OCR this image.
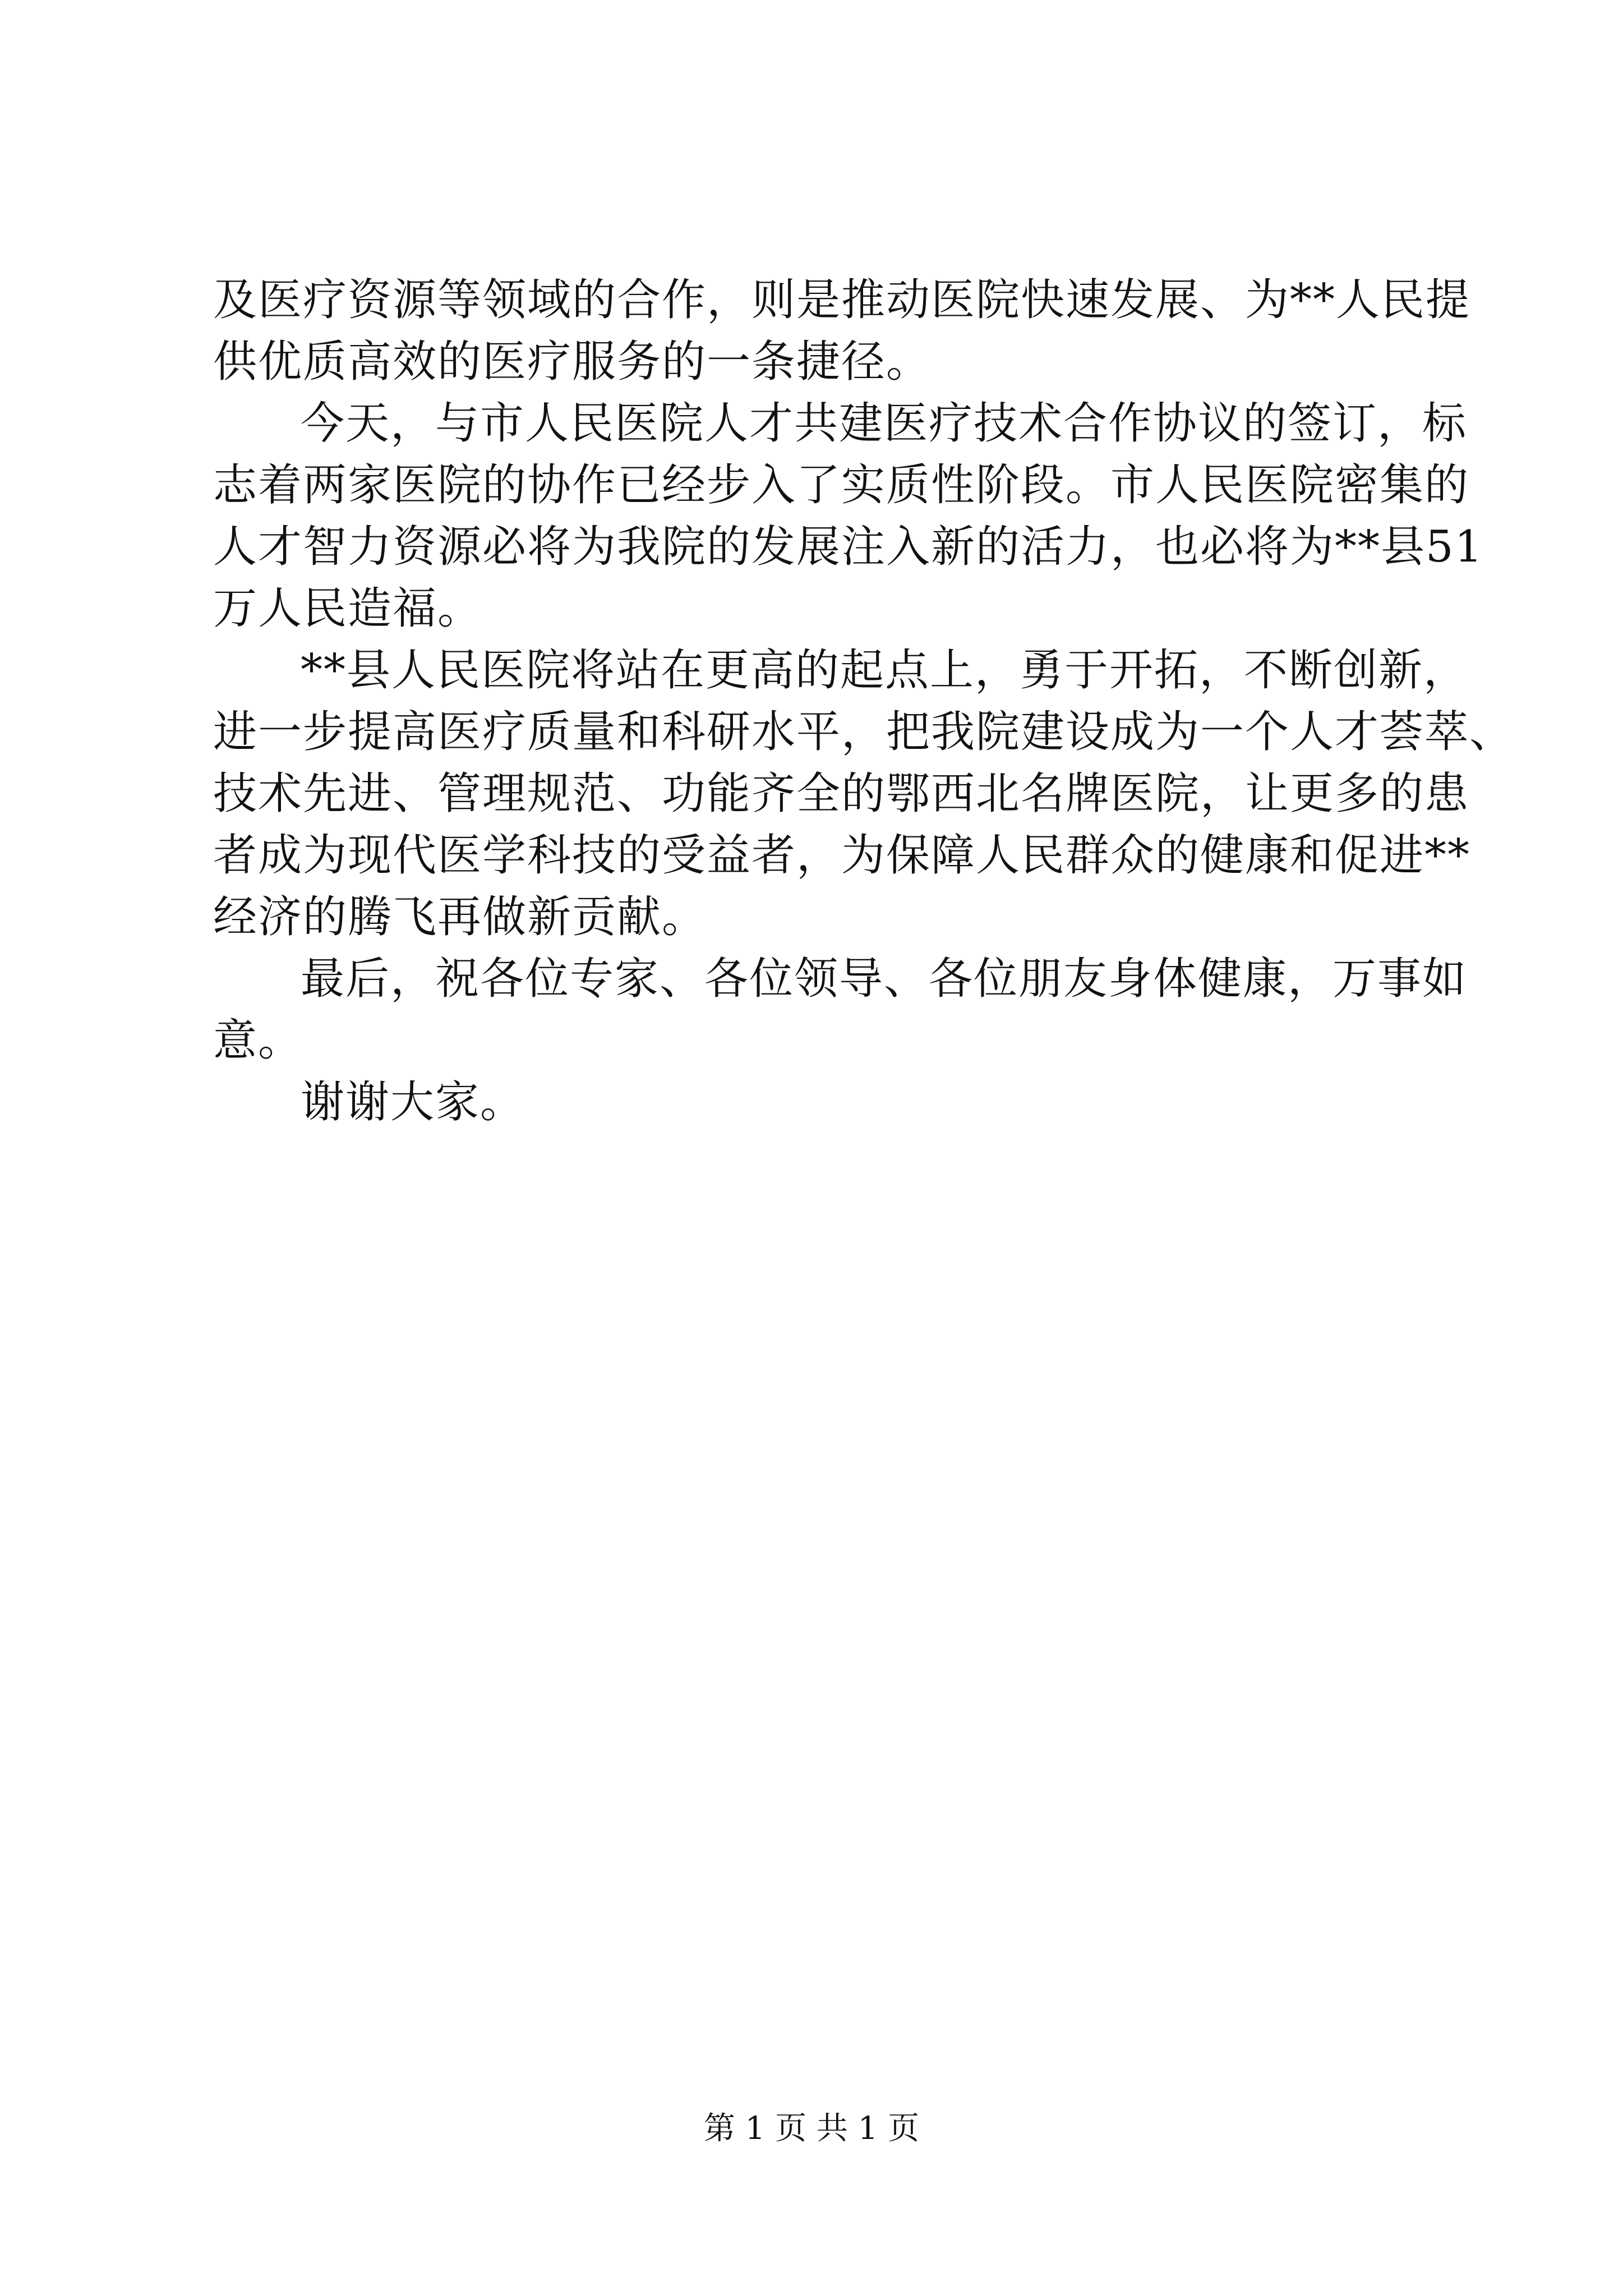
及医疗资源等领域的合作，则是推动医院快速发展、为**人民提

供优质高效的医疗服务的一条捷径。

今天，与市人民医院人才共建医疗技术合作协议的签订，标

志着两家医院的协作已经步入了实质性阶段。市人民医院密集的

人才智力资源必将为我院的发展注入新的活力，也必将为**县51

万人民造福。

**县人民医院将站在更高的起点上，勇于开拓，不断创新，

进一步提高医疗质量和科研水平，把我院建设成为一个人才荟萃、

技术先进、管理规范、功能齐全的鄂西北名牌医院，让更多的患

者成为现代医学科技的受益者，为保障人民群众的健康和促进**

经济的腾飞再做新贡献。

最后，祝各位专家、各位领导、各位朋友身体健康，万事如

意。

谢谢大家。

第 1 页 共 1 页
